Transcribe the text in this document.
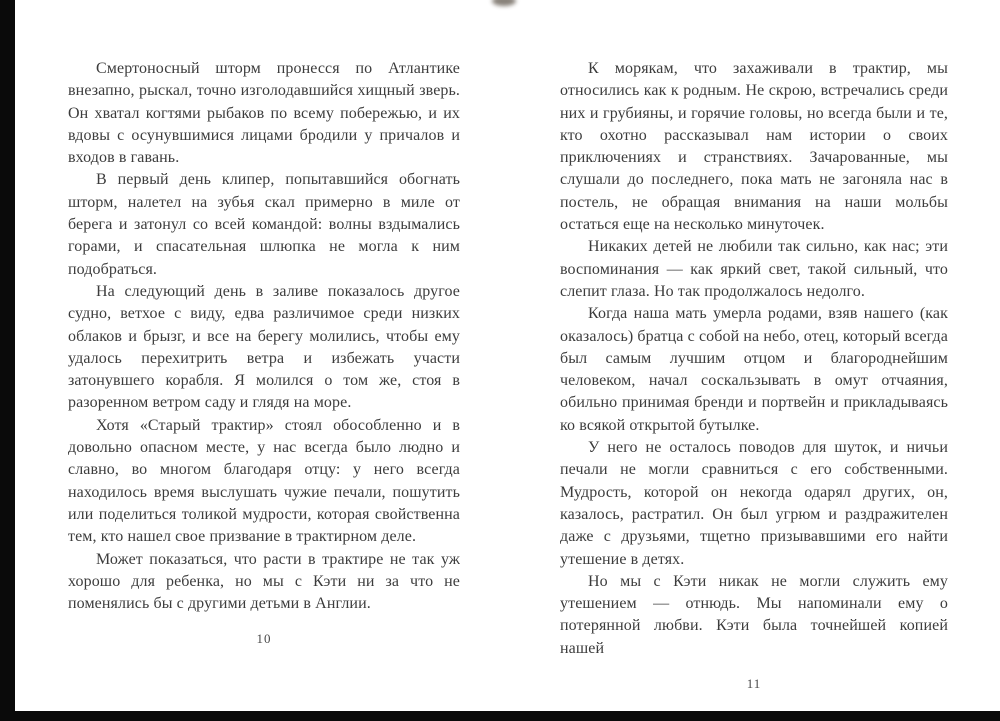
Смертоносный шторм пронесся по Атлантике внезапно, рыскал, точно изголодавшийся хищный зверь. Он хватал когтями рыбаков по всему побережью, и их вдовы с осунувшимися лицами бродили у причалов и входов в гавань.

В первый день клипер, попытавшийся обогнать шторм, налетел на зубья скал примерно в миле от берега и затонул со всей командой: волны вздымались горами, и спасательная шлюпка не могла к ним подобраться.

На следующий день в заливе показалось другое судно, ветхое с виду, едва различимое среди низких облаков и брызг, и все на берегу молились, чтобы ему удалось перехитрить ветра и избежать участи затонувшего корабля. Я молился о том же, стоя в разоренном ветром саду и глядя на море.

Хотя «Старый трактир» стоял обособленно и в довольно опасном месте, у нас всегда было людно и славно, во многом благодаря отцу: у него всегда находилось время выслушать чужие печали, пошутить или поделиться толикой мудрости, которая свойственна тем, кто нашел свое призвание в трактирном деле.

Может показаться, что расти в трактире не так уж хорошо для ребенка, но мы с Кэти ни за что не поменялись бы с другими детьми в Англии.

10

К морякам, что захаживали в трактир, мы относились как к родным. Не скрою, встречались среди них и грубияны, и горячие головы, но всегда были и те, кто охотно рассказывал нам истории о своих приключениях и странствиях. Зачарованные, мы слушали до последнего, пока мать не загоняла нас в постель, не обращая внимания на наши мольбы остаться еще на несколько минуточек.

Никаких детей не любили так сильно, как нас; эти воспоминания — как яркий свет, такой сильный, что слепит глаза. Но так продолжалось недолго.

Когда наша мать умерла родами, взяв нашего (как оказалось) братца с собой на небо, отец, который всегда был самым лучшим отцом и благороднейшим человеком, начал соскальзывать в омут отчаяния, обильно принимая бренди и портвейн и прикладываясь ко всякой открытой бутылке.

У него не осталось поводов для шуток, и ничьи печали не могли сравниться с его собственными. Мудрость, которой он некогда одарял других, он, казалось, растратил. Он был угрюм и раздражителен даже с друзьями, тщетно призывавшими его найти утешение в детях.

Но мы с Кэти никак не могли служить ему утешением — отнюдь. Мы напоминали ему о потерянной любви. Кэти была точнейшей копией нашей

11
